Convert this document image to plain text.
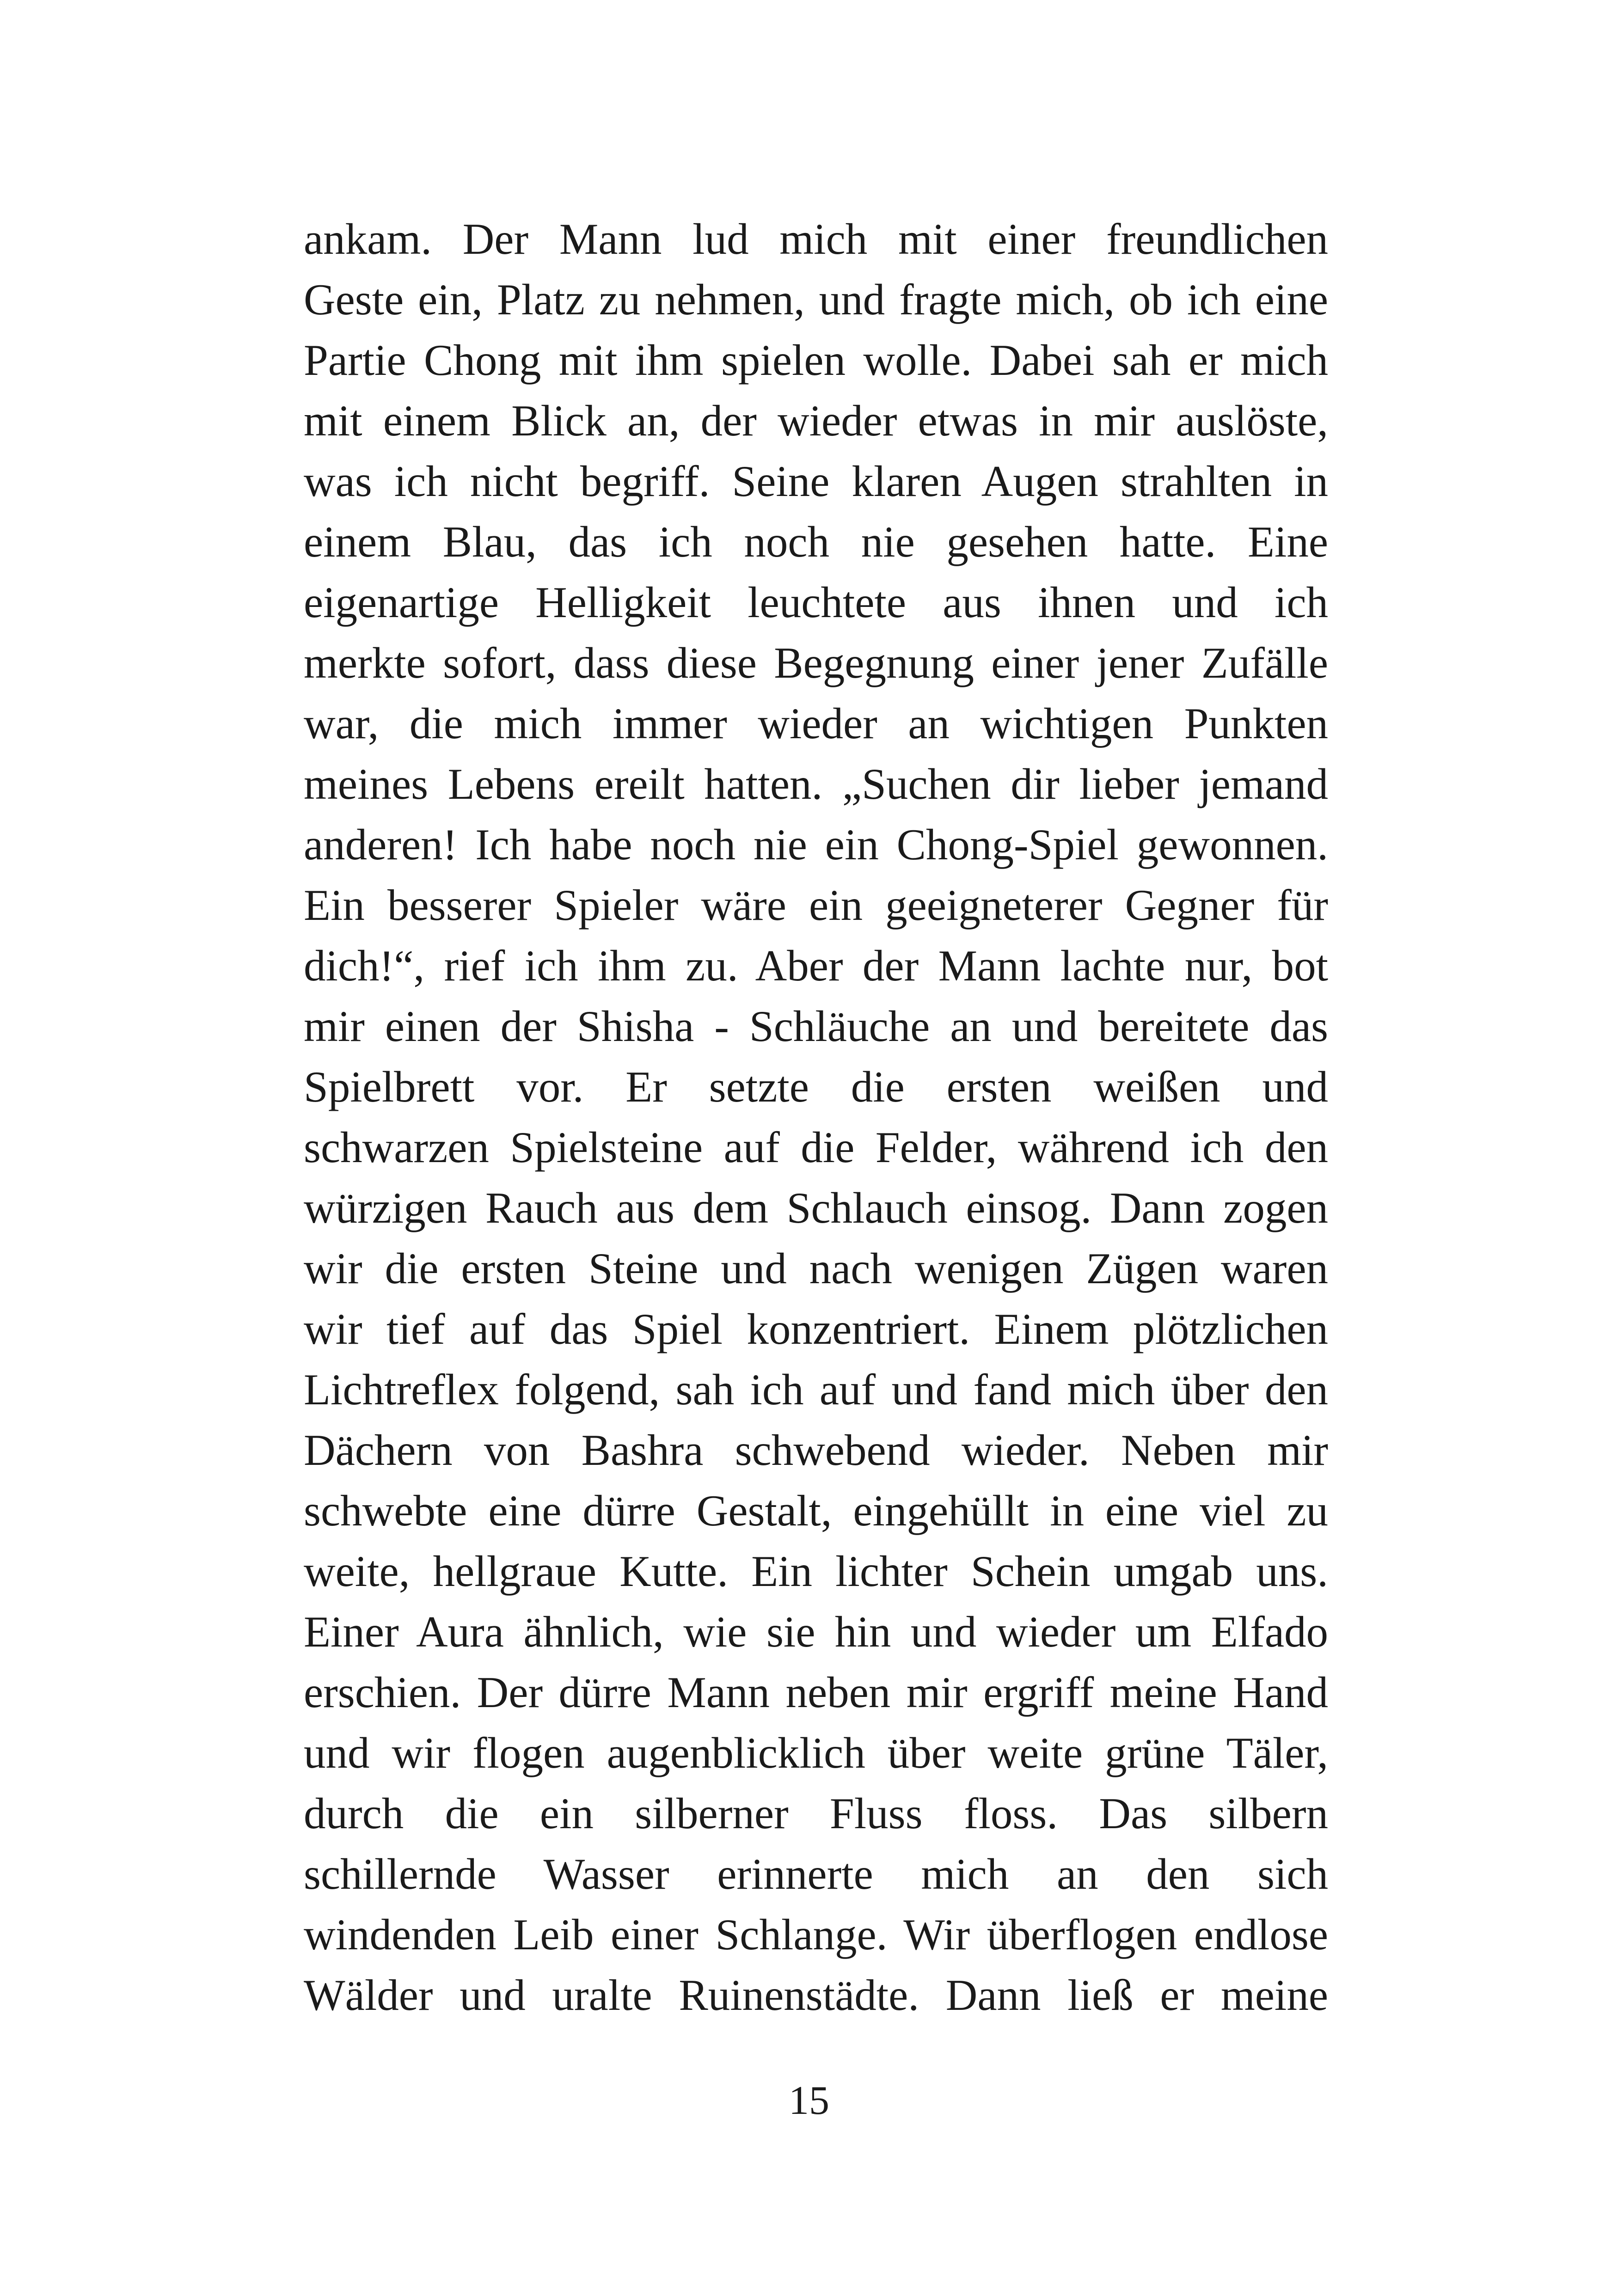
ankam. Der Mann lud mich mit einer freundlichen
Geste ein, Platz zu nehmen, und fragte mich, ob ich eine
Partie Chong mit ihm spielen wolle. Dabei sah er mich
mit einem Blick an, der wieder etwas in mir auslöste,
was ich nicht begriff. Seine klaren Augen strahlten in
einem Blau, das ich noch nie gesehen hatte. Eine
eigenartige Helligkeit leuchtete aus ihnen und ich
merkte sofort, dass diese Begegnung einer jener Zufälle
war, die mich immer wieder an wichtigen Punkten
meines Lebens ereilt hatten. „Suchen dir lieber jemand
anderen! Ich habe noch nie ein Chong-Spiel gewonnen.
Ein besserer Spieler wäre ein geeigneterer Gegner für
dich!“, rief ich ihm zu. Aber der Mann lachte nur, bot
mir einen der Shisha - Schläuche an und bereitete das
Spielbrett vor. Er setzte die ersten weißen und
schwarzen Spielsteine auf die Felder, während ich den
würzigen Rauch aus dem Schlauch einsog. Dann zogen
wir die ersten Steine und nach wenigen Zügen waren
wir tief auf das Spiel konzentriert. Einem plötzlichen
Lichtreflex folgend, sah ich auf und fand mich über den
Dächern von Bashra schwebend wieder. Neben mir
schwebte eine dürre Gestalt, eingehüllt in eine viel zu
weite, hellgraue Kutte. Ein lichter Schein umgab uns.
Einer Aura ähnlich, wie sie hin und wieder um Elfado
erschien. Der dürre Mann neben mir ergriff meine Hand
und wir flogen augenblicklich über weite grüne Täler,
durch die ein silberner Fluss floss. Das silbern
schillernde Wasser erinnerte mich an den sich
windenden Leib einer Schlange. Wir überflogen endlose
Wälder und uralte Ruinenstädte. Dann ließ er meine
15
